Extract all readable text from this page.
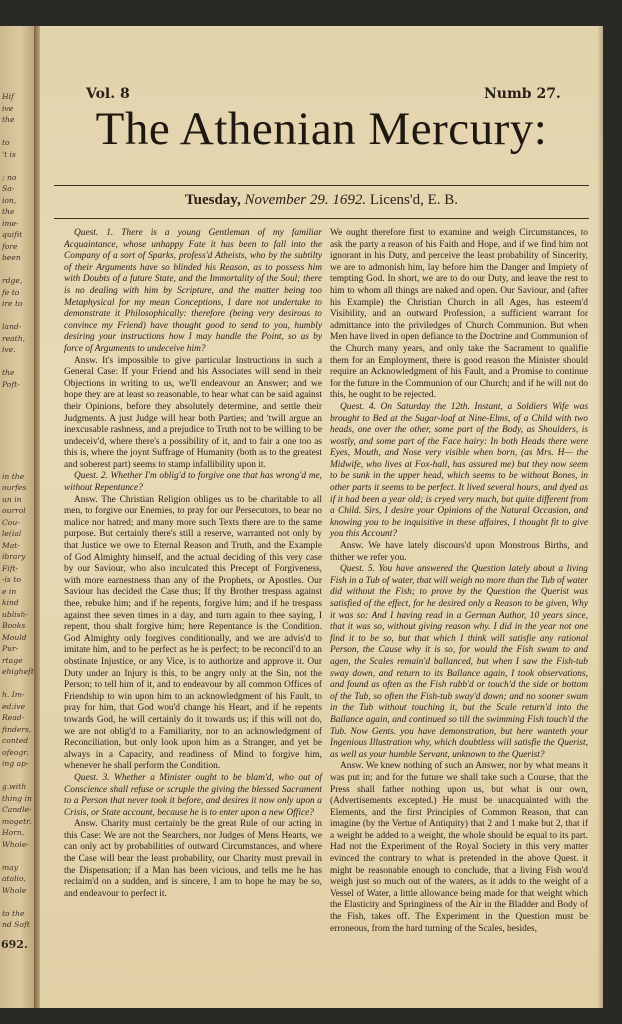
692.
Hif
ive
the
to
't is
; no
Sa-
ion,
the
ime-
quifit
fore
been
rdge,
fe to
ire to
land-
reath,
ive.
the
Poft-
in the
ourfes
un in
ourrol
Cou-
le(ial
Mat-
ibrary
Fift-
-is to
e in
kind
ublish-
Books
Mould
Pur-
rtage
ehigheft
h. Im-
ed:ive
Read-
finders,
conted
ofeogr.
ing ap-
g.with
thing in
Candle-
mogetr.
Horn,
Whole-
may
atalio,
Whole
to the
nd Soft
Vol. 8	Numb 27.
The Athenian Mercury:
Tuesday, November 29. 1692. Licens'd, E. B.

Quest. 1. There is a young Gentleman of my familiar Acquaintance, whose unhappy Fate it has been to fall into the Company of a sort of Sparks, profess'd Atheists, who by the subtilty of their Arguments have so blinded his Reason, as to possess him with Doubts of a future State, and the Immortality of the Soul; there is no dealing with him by Scripture, and the matter being too Metaphysical for my mean Conceptions, I dare not undertake to demonstrate it Philosophically: therefore (being very desirous to convince my Friend) have thought good to send to you, humbly desiring your instructions how I may handle the Point, so as by force of Arguments to undeceive him?

Answ. It's impossible to give particular Instructions in such a General Case: If your Friend and his Associates will send in their Objections in writing to us, we'll endeavour an Answer; and we hope they are at least so reasonable, to hear what can be said against their Opinions, before they absolutely determine, and settle their Judgments. A just Judge will hear both Parties; and 'twill argue an inexcusable rashness, and a prejudice to Truth not to be willing to be undeceiv'd, where there's a possibility of it, and to fair a one too as this is, where the joynt Suffrage of Humanity (both as to the greatest and soberest part) seems to stamp infallibility upon it.

Quest. 2. Whether I'm oblig'd to forgive one that has wrong'd me, without Repentance?

Answ. The Christian Religion obliges us to be charitable to all men, to forgive our Enemies, to pray for our Persecutors, to bear no malice nor hatred; and many more such Texts there are to the same purpose. But certainly there's still a reserve, warranted not only by that Justice we owe to Eternal Reason and Truth, and the Example of God Almighty himself, and the actual deciding of this very case by our Saviour, who also inculcated this Precept of Forgiveness, with more earnestness than any of the Prophets, or Apostles. Our Saviour has decided the Case thus; If thy Brother trespass against thee, rebuke him; and if he repents, forgive him; and if he trespass against thee seven times in a day, and turn again to thee saying, I repent, thou shalt forgive him; here Repentance is the Condition. God Almighty only forgives conditionally, and we are advis'd to imitate him, and to be perfect as he is perfect; to be reconcil'd to an obstinate Injustice, or any Vice, is to authorize and approve it. Our Duty under an Injury is this, to be angry only at the Sin, not the Person; to tell him of it, and to endeavour by all common Offices of Friendship to win upon him to an acknowledgment of his Fault, to pray for him, that God wou'd change his Heart, and if he repents towards God, he will certainly do it towards us; if this will not do, we are not oblig'd to a Familiarity, nor to an acknowledgment of Reconciliation, but only look upon him as a Stranger, and yet be always in a Capacity, and readiness of Mind to forgive him, whenever he shall perform the Condition.

Quest. 3. Whether a Minister ought to be blam'd, who out of Conscience shall refuse or scruple the giving the blessed Sacrament to a Person that never took it before, and desires it now only upon a Crisis, or State account, because he is to enter upon a new Office?

Answ. Charity must certainly be the great Rule of our acting in this Case: We are not the Searchers, nor Judges of Mens Hearts, we can only act by probabilities of outward Circumstances, and where the Case will bear the least probability, our Charity must prevail in the Dispensation; if a Man has been vicious, and tells me he has reclaim'd on a sudden, and is sincere, I am to hope he may be so, and endeavour to perfect it.

We ought therefore first to examine and weigh Circumstances, to ask the party a reason of his Faith and Hope, and if we find him not ignorant in his Duty, and perceive the least probability of Sincerity, we are to admonish him, lay before him the Danger and Impiety of tempting God. In short, we are to do our Duty, and leave the rest to him to whom all things are naked and open. Our Saviour, and (after his Example) the Christian Church in all Ages, has esteem'd Visibility, and an outward Profession, a sufficient warrant for admittance into the priviledges of Church Communion. But when Men have lived in open defiance to the Doctrine and Communion of the Church many years, and only take the Sacrament to qualifie them for an Employment, there is good reason the Minister should require an Acknowledgment of his Fault, and a Promise to continue for the future in the Communion of our Church; and if he will not do this, he ought to be rejected.

Quest. 4. On Saturday the 12th. Instant, a Soldiers Wife was brought to Bed at the Sugar-loaf at Nine-Elms, of a Child with two heads, one over the other, some part of the Body, as Shoulders, is wostly, and some part of the Face hairy: In both Heads there were Eyes, Mouth, and Nose very visible when born, (as Mrs. H— the Midwife, who lives at Fox-hall, has assured me) but they now seem to be sunk in the upper head, which seems to be without Bones, in other parts it seems to be perfect. It lived several hours, and dyed as if it had been a year old; is cryed very much, but quite different from a Child. Sirs, I desire your Opinions of the Natural Occasion, and knowing you to be inquisitive in these affaires, I thought fit to give you this Account?

Answ. We have lately discours'd upon Monstrous Births, and thither we refer you.

Quest. 5. You have answered the Question lately about a living Fish in a Tub of water, that will weigh no more than the Tub of water did without the Fish; to prove by the Question the Querist was satisfied of the effect, for he desired only a Reason to be given, Why it was so: And I having read in a German Author, 10 years since, that it was so, without giving reason why. I did in the year not one find it to be so, but that which I think will satisfie any rational Person, the Cause why it is so, for would the Fish swam to and agen, the Scales remain'd ballanced, but when I saw the Fish-tub sway down, and return to its Ballance again, I took observations, and found as often as the Fish rubb'd or touch'd the side or bottom of the Tub, so often the Fish-tub sway'd down; and no sooner swam in the Tub without touching it, but the Scale return'd into the Ballance again, and continued so till the swimming Fish touch'd the Tub. Now Gents. you have demonstration, but here wanteth your Ingenious Illustration why, which doubtless will satisfie the Querist, as well as your humble Servant, unknown to the Querist?

Answ. We knew nothing of such an Answer, nor by what means it was put in; and for the future we shall take such a Course, that the Press shall father nothing upon us, but what is our own, (Advertisements excepted.) He must be unacquainted with the Elements, and the first Principles of Common Reason, that can imagine (by the Vertue of Antiquity) that 2 and 1 make but 2, that if a weight be added to a weight, the whole should be equal to its part. Had not the Experiment of the Royal Society in this very matter evinced the contrary to what is pretended in the above Quest. it might be reasonable enough to conclude, that a living Fish wou'd weigh just so much out of the waters, as it adds to the weight of a Vessel of Water, a little allowance being made for that weight which the Elasticity and Springiness of the Air in the Bladder and Body of the Fish, takes off. The Experiment in the Question must be erroneous, from the hard turning of the Scales, besides,
